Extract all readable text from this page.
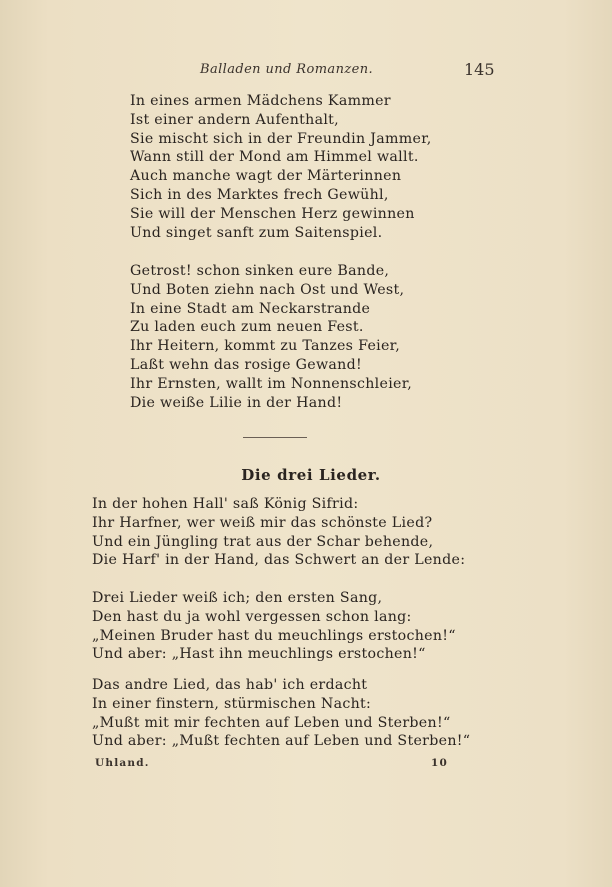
Balladen und Romanzen.	145
In eines armen Mädchens Kammer
Ist einer andern Aufenthalt,
Sie mischt sich in der Freundin Jammer,
Wann still der Mond am Himmel wallt.
Auch manche wagt der Märterinnen
Sich in des Marktes frech Gewühl,
Sie will der Menschen Herz gewinnen
Und singet sanft zum Saitenspiel.
Getrost! schon sinken eure Bande,
Und Boten ziehn nach Ost und West,
In eine Stadt am Neckarstrande
Zu laden euch zum neuen Fest.
Ihr Heitern, kommt zu Tanzes Feier,
Laßt wehn das rosige Gewand!
Ihr Ernsten, wallt im Nonnenschleier,
Die weiße Lilie in der Hand!
Die drei Lieder.
In der hohen Hall' saß König Sifrid:
Ihr Harfner, wer weiß mir das schönste Lied?
Und ein Jüngling trat aus der Schar behende,
Die Harf' in der Hand, das Schwert an der Lende:
Drei Lieder weiß ich; den ersten Sang,
Den hast du ja wohl vergessen schon lang:
„Meinen Bruder hast du meuchlings erstochen!“
Und aber: „Hast ihn meuchlings erstochen!“
Das andre Lied, das hab' ich erdacht
In einer finstern, stürmischen Nacht:
„Mußt mit mir fechten auf Leben und Sterben!“
Und aber: „Mußt fechten auf Leben und Sterben!“
Uhland.	10
